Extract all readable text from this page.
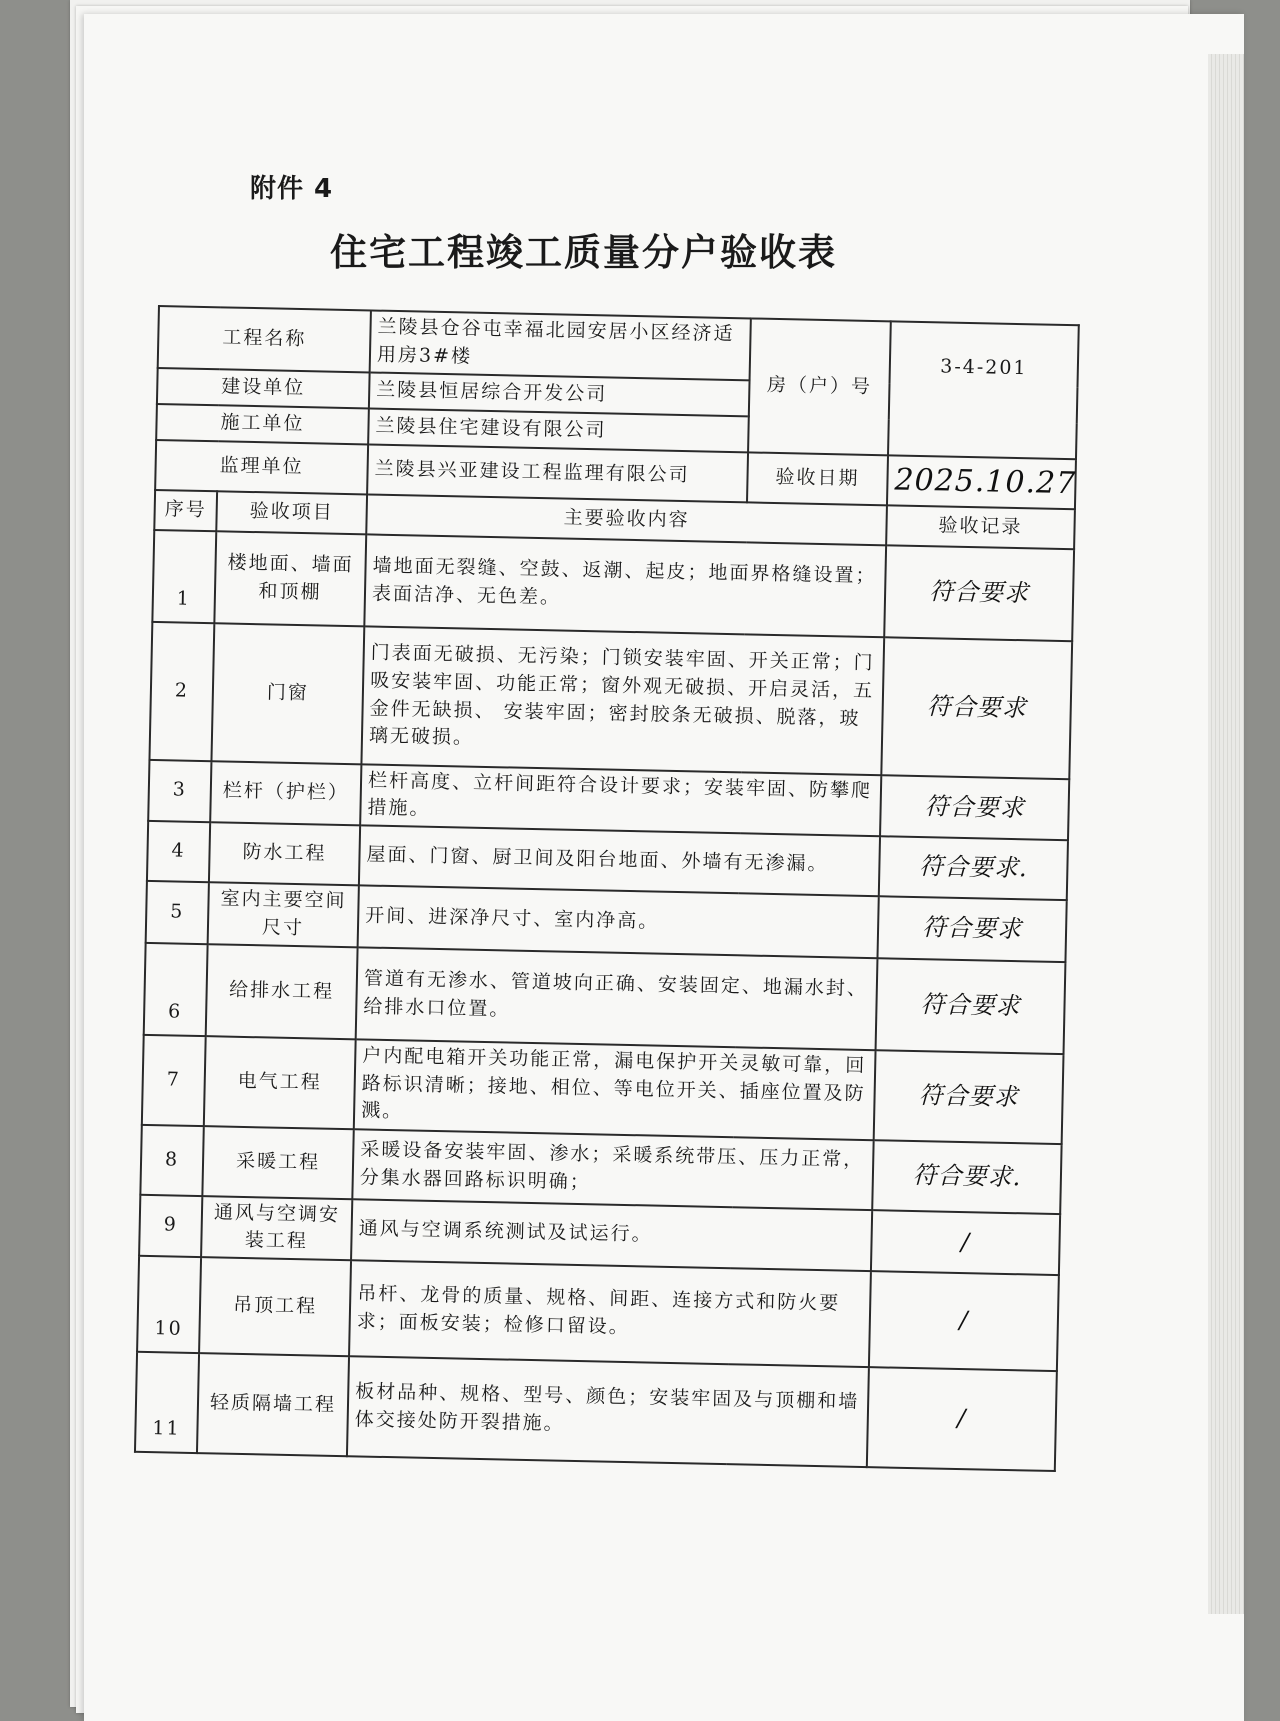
附件 4
住宅工程竣工质量分户验收表
工程名称		兰陵县仓谷屯幸福北园安居小区经济适用房3#楼	房（户）号	3-4-201
建设单位		兰陵县恒居综合开发公司		
施工单位		兰陵县住宅建设有限公司		
监理单位		兰陵县兴亚建设工程监理有限公司	验收日期	2025.10.27
序号	验收项目	主要验收内容		验收记录
1	楼地面、墙面和顶棚	墙地面无裂缝、空鼓、返潮、起皮；地面界格缝设置；表面洁净、无色差。		符合要求
2	门窗	门表面无破损、无污染；门锁安装牢固、开关正常；门吸安装牢固、功能正常；窗外观无破损、开启灵活，五金件无缺损、 安装牢固；密封胶条无破损、脱落，玻璃无破损。		符合要求
3	栏杆（护栏）	栏杆高度、立杆间距符合设计要求；安装牢固、防攀爬措施。		符合要求
4	防水工程	屋面、门窗、厨卫间及阳台地面、外墙有无渗漏。		符合要求.
5	室内主要空间尺寸	开间、进深净尺寸、室内净高。		符合要求
6	给排水工程	管道有无渗水、管道坡向正确、安装固定、地漏水封、给排水口位置。		符合要求
7	电气工程	户内配电箱开关功能正常，漏电保护开关灵敏可靠，回路标识清晰；接地、相位、等电位开关、插座位置及防溅。		符合要求
8	采暖工程	采暖设备安装牢固、渗水；采暖系统带压、压力正常，分集水器回路标识明确；		符合要求.
9	通风与空调安装工程	通风与空调系统测试及试运行。		/
10	吊顶工程	吊杆、龙骨的质量、规格、间距、连接方式和防火要求；面板安装；检修口留设。		/
11	轻质隔墙工程	板材品种、规格、型号、颜色；安装牢固及与顶棚和墙体交接处防开裂措施。		/
